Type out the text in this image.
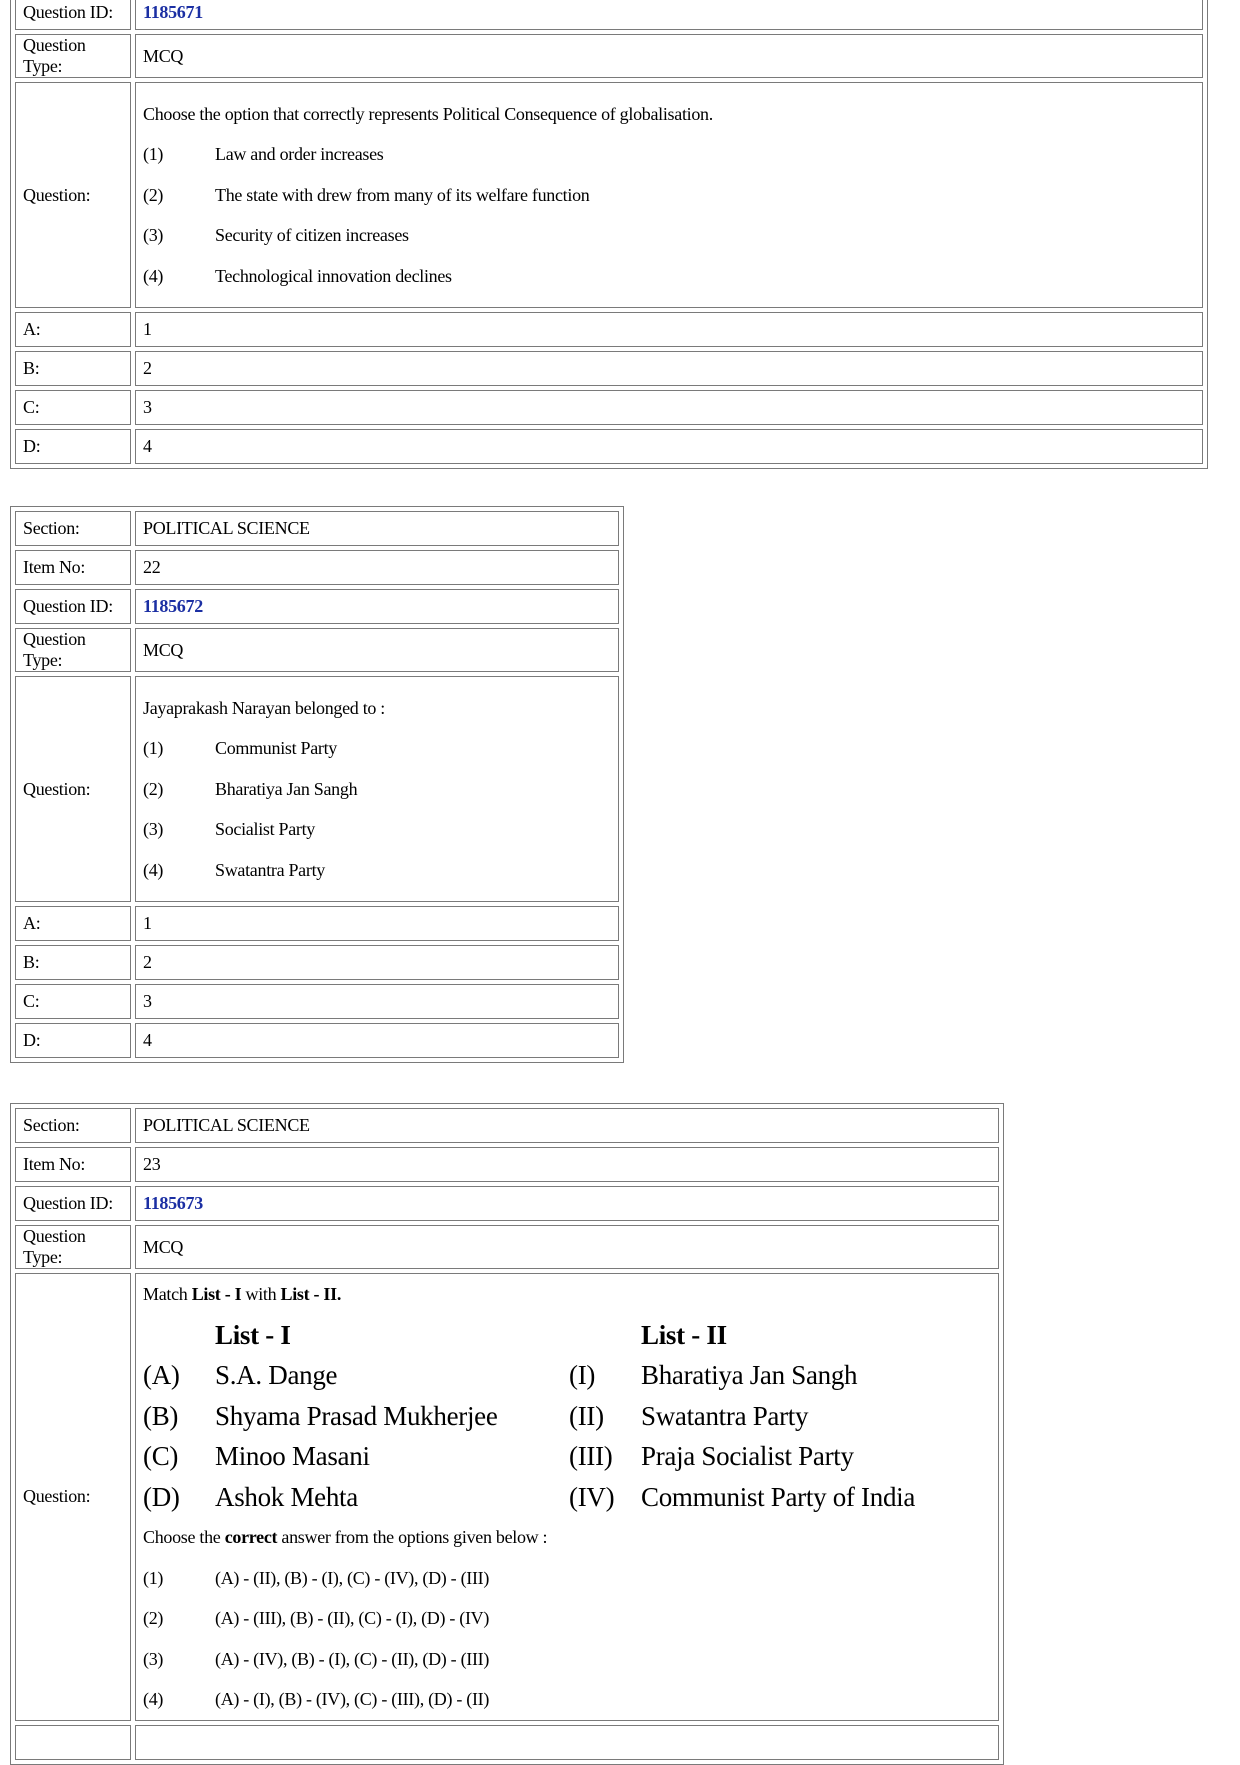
Question ID:	1185671
Question Type:	MCQ
Question:	Choose the option that correctly represents Political Consequence of globalisation.
(1) Law and order increases
(2) The state with drew from many of its welfare function
(3) Security of citizen increases
(4) Technological innovation declines

A:	1
B:	2
C:	3
D:	4
Section:	POLITICAL SCIENCE
Item No:	22
Question ID:	1185672
Question Type:	MCQ
Question:	Jayaprakash Narayan belonged to :
(1) Communist Party
(2) Bharatiya Jan Sangh
(3) Socialist Party
(4) Swatantra Party

A:	1
B:	2
C:	3
D:	4
Section:	POLITICAL SCIENCE
Item No:	23
Question ID:	1185673
Question Type:	MCQ
Question:	
Match List - I with List - II.
	List - I		List - II
(A)	S.A. Dange	(I)	Bharatiya Jan Sangh
(B)	Shyama Prasad Mukherjee	(II)	Swatantra Party
(C)	Minoo Masani	(III)	Praja Socialist Party
(D)	Ashok Mehta	(IV)	Communist Party of India
Choose the correct answer from the options given below :
(1)	(A) - (II), (B) - (I), (C) - (IV), (D) - (III)
(2)	(A) - (III), (B) - (II), (C) - (I), (D) - (IV)
(3)	(A) - (IV), (B) - (I), (C) - (II), (D) - (III)
(4)	(A) - (I), (B) - (IV), (C) - (III), (D) - (II)
